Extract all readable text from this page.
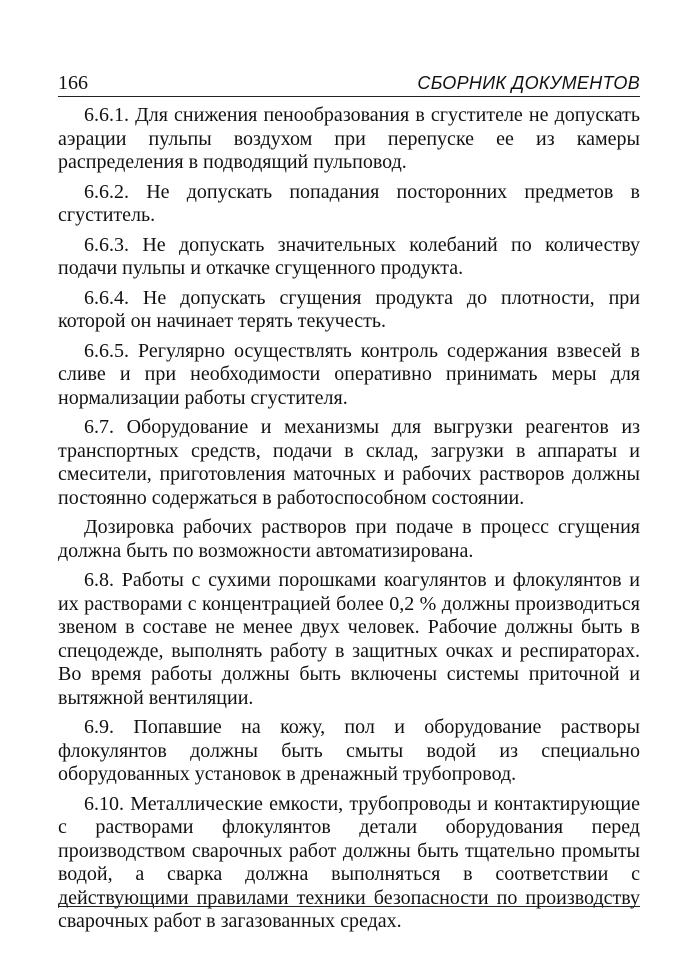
166	СБОРНИК ДОКУМЕНТОВ

6.6.1. Для снижения пенообразования в сгустителе не допускать аэрации пульпы воздухом при перепуске ее из камеры распределения в подводящий пульповод.

6.6.2. Не допускать попадания посторонних предметов в сгуститель.

6.6.3. Не допускать значительных колебаний по количеству подачи пульпы и откачке сгущенного продукта.

6.6.4. Не допускать сгущения продукта до плотности, при которой он начинает терять текучесть.

6.6.5. Регулярно осуществлять контроль содержания взвесей в сливе и при необходимости оперативно принимать меры для нормализации работы сгустителя.

6.7. Оборудование и механизмы для выгрузки реагентов из транспортных средств, подачи в склад, загрузки в аппараты и смесители, приготовления маточных и рабочих растворов должны постоянно содержаться в работоспособном состоянии.

Дозировка рабочих растворов при подаче в процесс сгущения должна быть по возможности автоматизирована.

6.8. Работы с сухими порошками коагулянтов и флокулянтов и их растворами с концентрацией более 0,2 % должны производиться звеном в составе не менее двух человек. Рабочие должны быть в спецодежде, выполнять работу в защитных очках и респираторах. Во время работы должны быть включены системы приточной и вытяжной вентиляции.

6.9. Попавшие на кожу, пол и оборудование растворы флокулянтов должны быть смыты водой из специально оборудованных установок в дренажный трубопровод.

6.10. Металлические емкости, трубопроводы и контактирующие с растворами флокулянтов детали оборудования перед производством сварочных работ должны быть тщательно промыты водой, а сварка должна выполняться в соответствии с действующими правилами техники безопасности по производству сварочных работ в загазованных средах.
